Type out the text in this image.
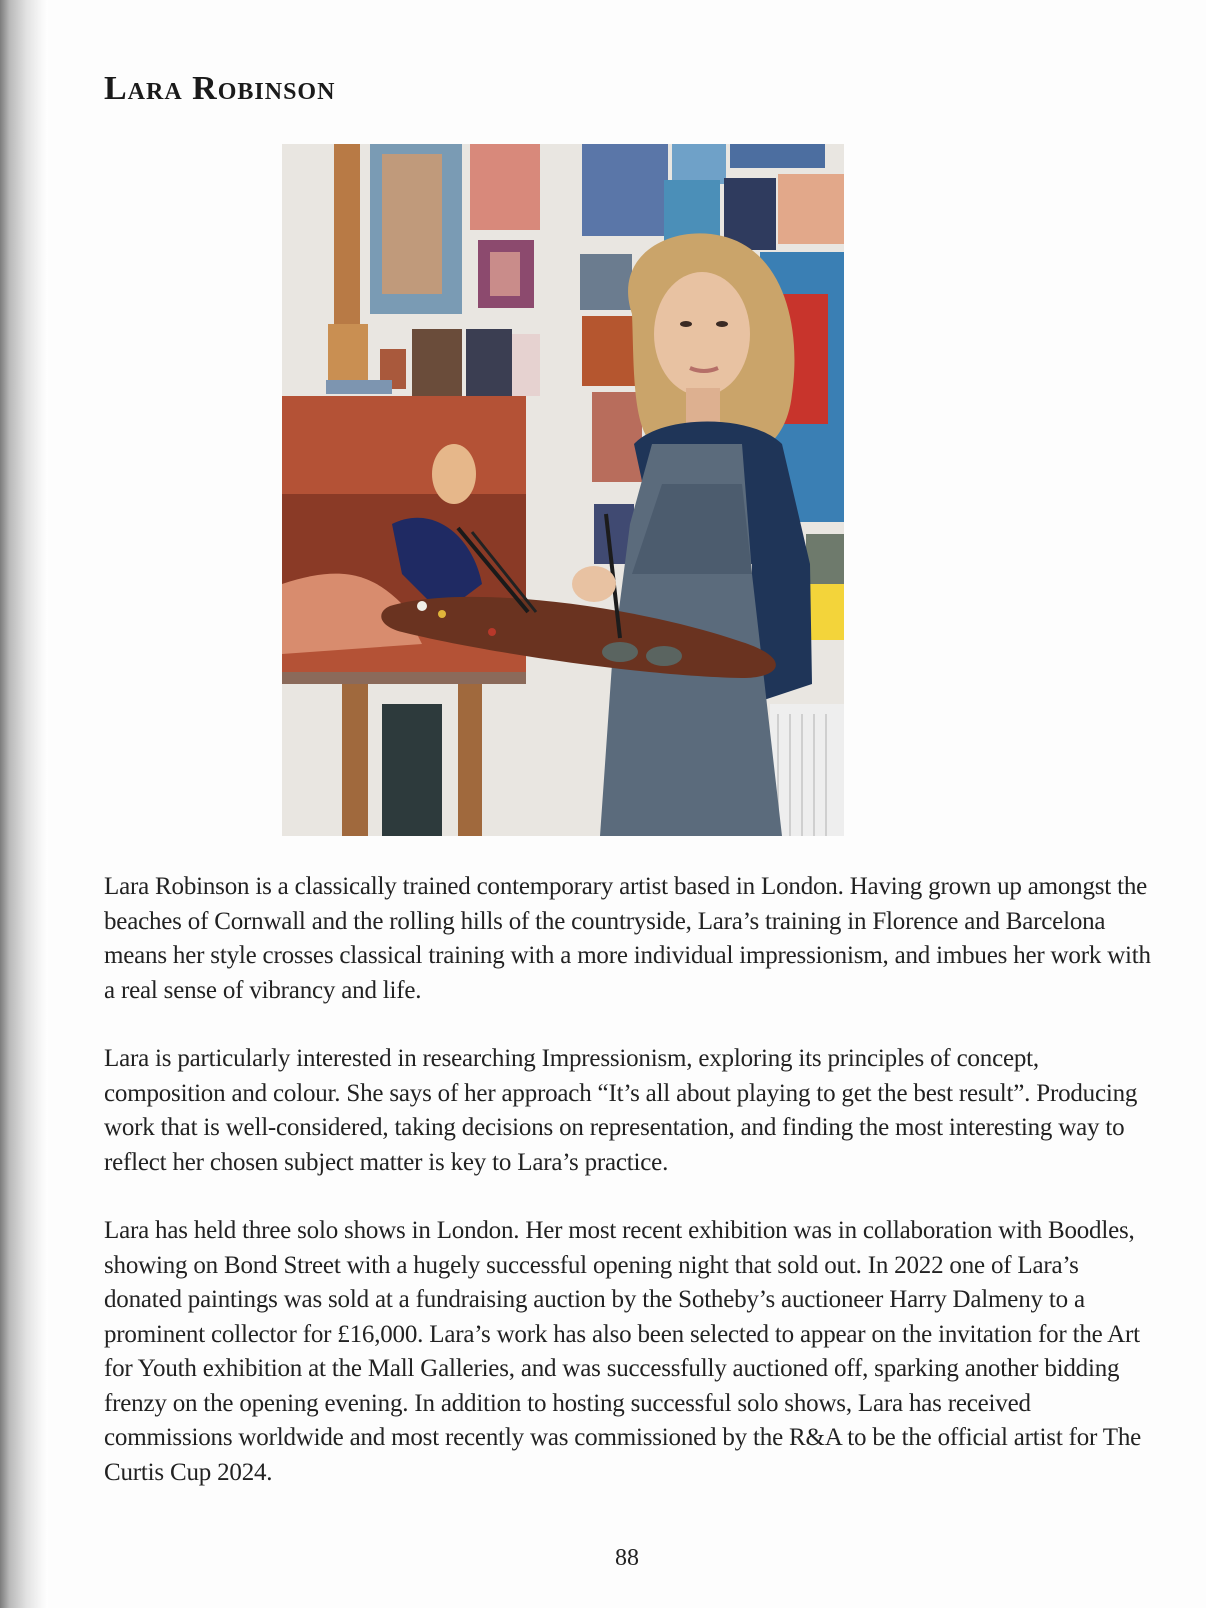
Lara Robinson

Lara Robinson is a classically trained contemporary artist based in London. Having grown up amongst the beaches of Cornwall and the rolling hills of the countryside, Lara’s training in Florence and Barcelona means her style crosses classical training with a more individual impressionism, and imbues her work with a real sense of vibrancy and life.

Lara is particularly interested in researching Impressionism, exploring its principles of concept, composition and colour. She says of her approach “It’s all about playing to get the best result”. Producing work that is well-considered, taking decisions on representation, and finding the most interesting way to reflect her chosen subject matter is key to Lara’s practice.

Lara has held three solo shows in London. Her most recent exhibition was in collaboration with Boodles, showing on Bond Street with a hugely successful opening night that sold out. In 2022 one of Lara’s donated paintings was sold at a fundraising auction by the Sotheby’s auctioneer Harry Dalmeny to a prominent collector for £16,000. Lara’s work has also been selected to appear on the invitation for the Art for Youth exhibition at the Mall Galleries, and was successfully auctioned off, sparking another bidding frenzy on the opening evening. In addition to hosting successful solo shows, Lara has received commissions worldwide and most recently was commissioned by the R&A to be the official artist for The Curtis Cup 2024.

88
